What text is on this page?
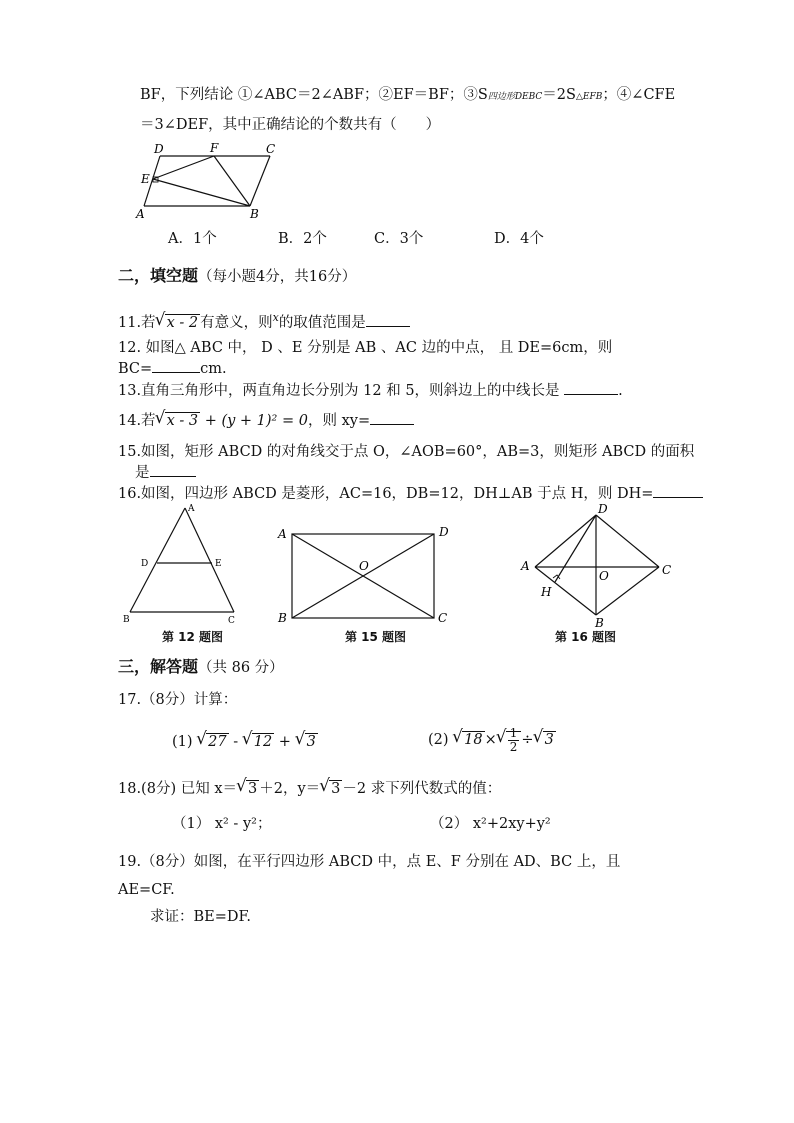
BF，下列结论 ①∠ABC＝2∠ABF；②EF＝BF；③S四边形DEBC＝2S△EFB；④∠CFE
＝3∠DEF，其中正确结论的个数共有（　　）
D	F	C
E
A	B
A．1个	B．2个	C．3个	D．4个
二，填空题（每小题4分，共16分）
11.若 √ x - 2 有意义，则$^x$的取值范围是
12. 如图△ ABC 中， D 、E 分别是 AB 、AC 边的中点， 且 DE=6cm，则
BC=	cm.
13.直角三角形中，两直角边长分别为 12 和 5，则斜边上的中线长是	.
14.若 √ x - 3 + (y + 1)² = 0，则 xy=
15.如图，矩形 ABCD 的对角线交于点 O，∠AOB=60°，AB=3，则矩形 ABCD 的面积
是
16.如图，四边形 ABCD 是菱形，AC=16，DB=12，DH⊥AB 于点 H，则 DH=
A
D	E
B	C
第 12 题图
A	D
O
B	C
第 15 题图
D
A
O	C
H
B
第 16 题图
三，解答题（共 86 分）
17.（8分）计算：
(1) √ 27 - √ 12 + √ 3	(2) √ 18 × √ $\frac{1}{2}$ ÷ √ 3
18.(8分) 已知 x＝ √ 3 ＋2，y＝ √ 3 －2 求下列代数式的值：
（1） x² - y²；	（2） x²+2xy+y²
19.（8分）如图，在平行四边形 ABCD 中，点 E、F 分别在 AD、BC 上，且
AE=CF.
求证：BE=DF.
